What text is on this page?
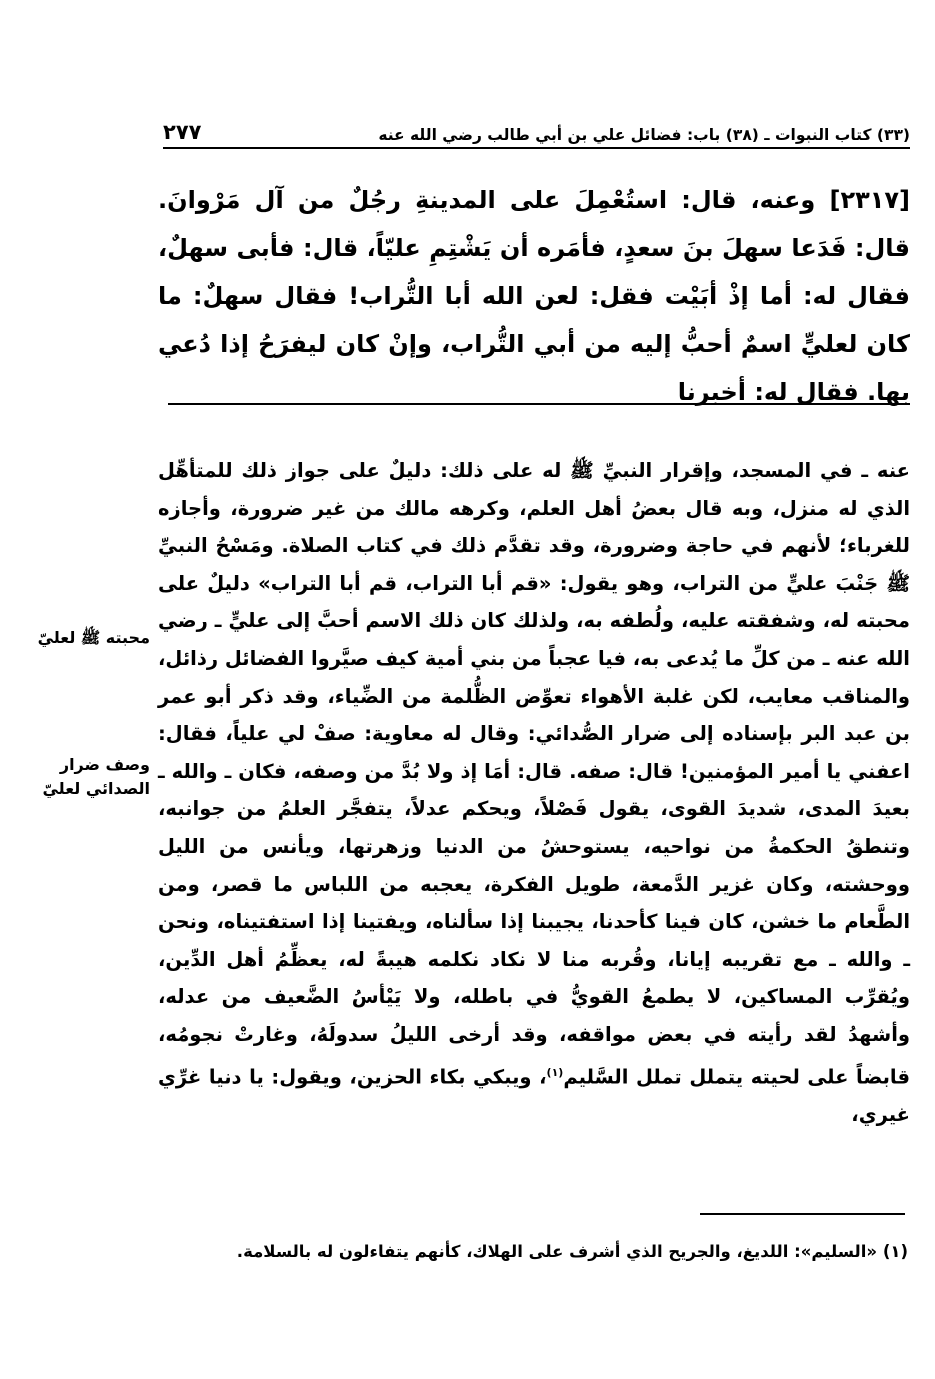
(٣٣) كتاب النبوات ـ (٣٨) باب: فضائل علي بن أبي طالب رضي الله عنه
٢٧٧

[٢٣١٧] وعنه، قال: استُعْمِلَ على المدينةِ رجُلٌ من آل مَرْوانَ. قال: فَدَعا سهلَ بنَ سعدٍ، فأمَره أن يَشْتِمِ عليّاً، قال: فأبى سهلٌ، فقال له: أما إذْ أبَيْت فقل: لعن الله أبا التُّراب! فقال سهلٌ: ما كان لعليٍّ اسمٌ أحبُّ إليه من أبي التُّراب، وإنْ كان ليفرَحُ إذا دُعي بها. فقال له: أخبرنا

عنه ـ في المسجد، وإقرار النبيِّ ﷺ له على ذلك: دليلٌ على جواز ذلك للمتأهِّل الذي له منزل، وبه قال بعضُ أهل العلم، وكرهه مالك من غير ضرورة، وأجازه للغرباء؛ لأنهم في حاجة وضرورة، وقد تقدَّم ذلك في كتاب الصلاة. ومَسْحُ النبيِّ ﷺ جَنْبَ عليٍّ من التراب، وهو يقول: «قم أبا التراب، قم أبا التراب» دليلٌ على محبته له، وشفقته عليه، ولُطفه به، ولذلك كان ذلك الاسم أحبَّ إلى عليٍّ ـ رضي الله عنه ـ من كلِّ ما يُدعى به، فيا عجباً من بني أمية كيف صيَّروا الفضائل رذائل، والمناقب معايب، لكن غلبة الأهواء تعوِّض الظُّلمة من الضِّياء، وقد ذكر أبو عمر بن عبد البر بإسناده إلى ضرار الصُّدائي: وقال له معاوية: صفْ لي علياً، فقال: اعفني يا أمير المؤمنين! قال: صفه. قال: أمَا إذ ولا بُدَّ من وصفه، فكان ـ والله ـ بعيدَ المدى، شديدَ القوى، يقول فَصْلاً، ويحكم عدلاً، يتفجَّر العلمُ من جوانبه، وتنطقُ الحكمةُ من نواحيه، يستوحشُ من الدنيا وزهرتها، ويأنس من الليل ووحشته، وكان غزير الدَّمعة، طويل الفكرة، يعجبه من اللباس ما قصر، ومن الطَّعام ما خشن، كان فينا كأحدنا، يجيبنا إذا سألناه، ويفتينا إذا استفتيناه، ونحن ـ والله ـ مع تقريبه إيانا، وقُربه منا لا نكاد نكلمه هيبةً له، يعظِّمُ أهل الدِّين، ويُقرِّب المساكين، لا يطمعُ القويُّ في باطله، ولا يَيْأسُ الضَّعيف من عدله، وأشهدُ لقد رأيته في بعض مواقفه، وقد أرخى الليلُ سدولَهُ، وغارتْ نجومُه، قابضاً على لحيته يتملل تملل السَّليم$^{(١)}$، ويبكي بكاء الحزين، ويقول: يا دنيا غرِّي غيري،

محبته ﷺ لعليّ
وصف ضرار الصدائي لعليّ
(١) «السليم»: اللديغ، والجريح الذي أشرف على الهلاك، كأنهم يتفاءلون له بالسلامة.
